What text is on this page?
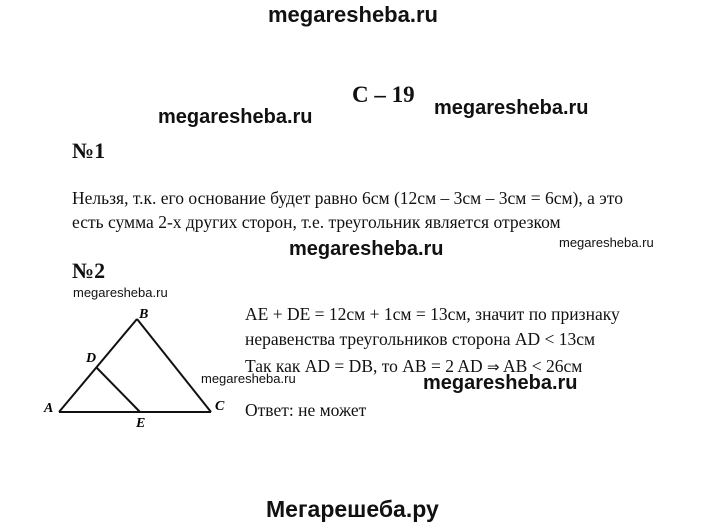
megaresheba.ru
megaresheba.ru	megaresheba.ru
megaresheba.ru
megaresheba.ru
megaresheba.ru
megaresheba.ru	megaresheba.ru
Мегарешеба.ру
С – 19
№1
Нельзя, т.к. его основание будет равно 6см (12см – 3см – 3см = 6см), а это
есть сумма 2-х других сторон, т.е. треугольник является отрезком
№2
AE + DE = 12см + 1см = 13см, значит по признаку
неравенства треугольников сторона AD < 13см
Так как AD = DB, то AB = 2 AD ⇒ AB < 26см
Ответ: не может
A
B
C
D
E
